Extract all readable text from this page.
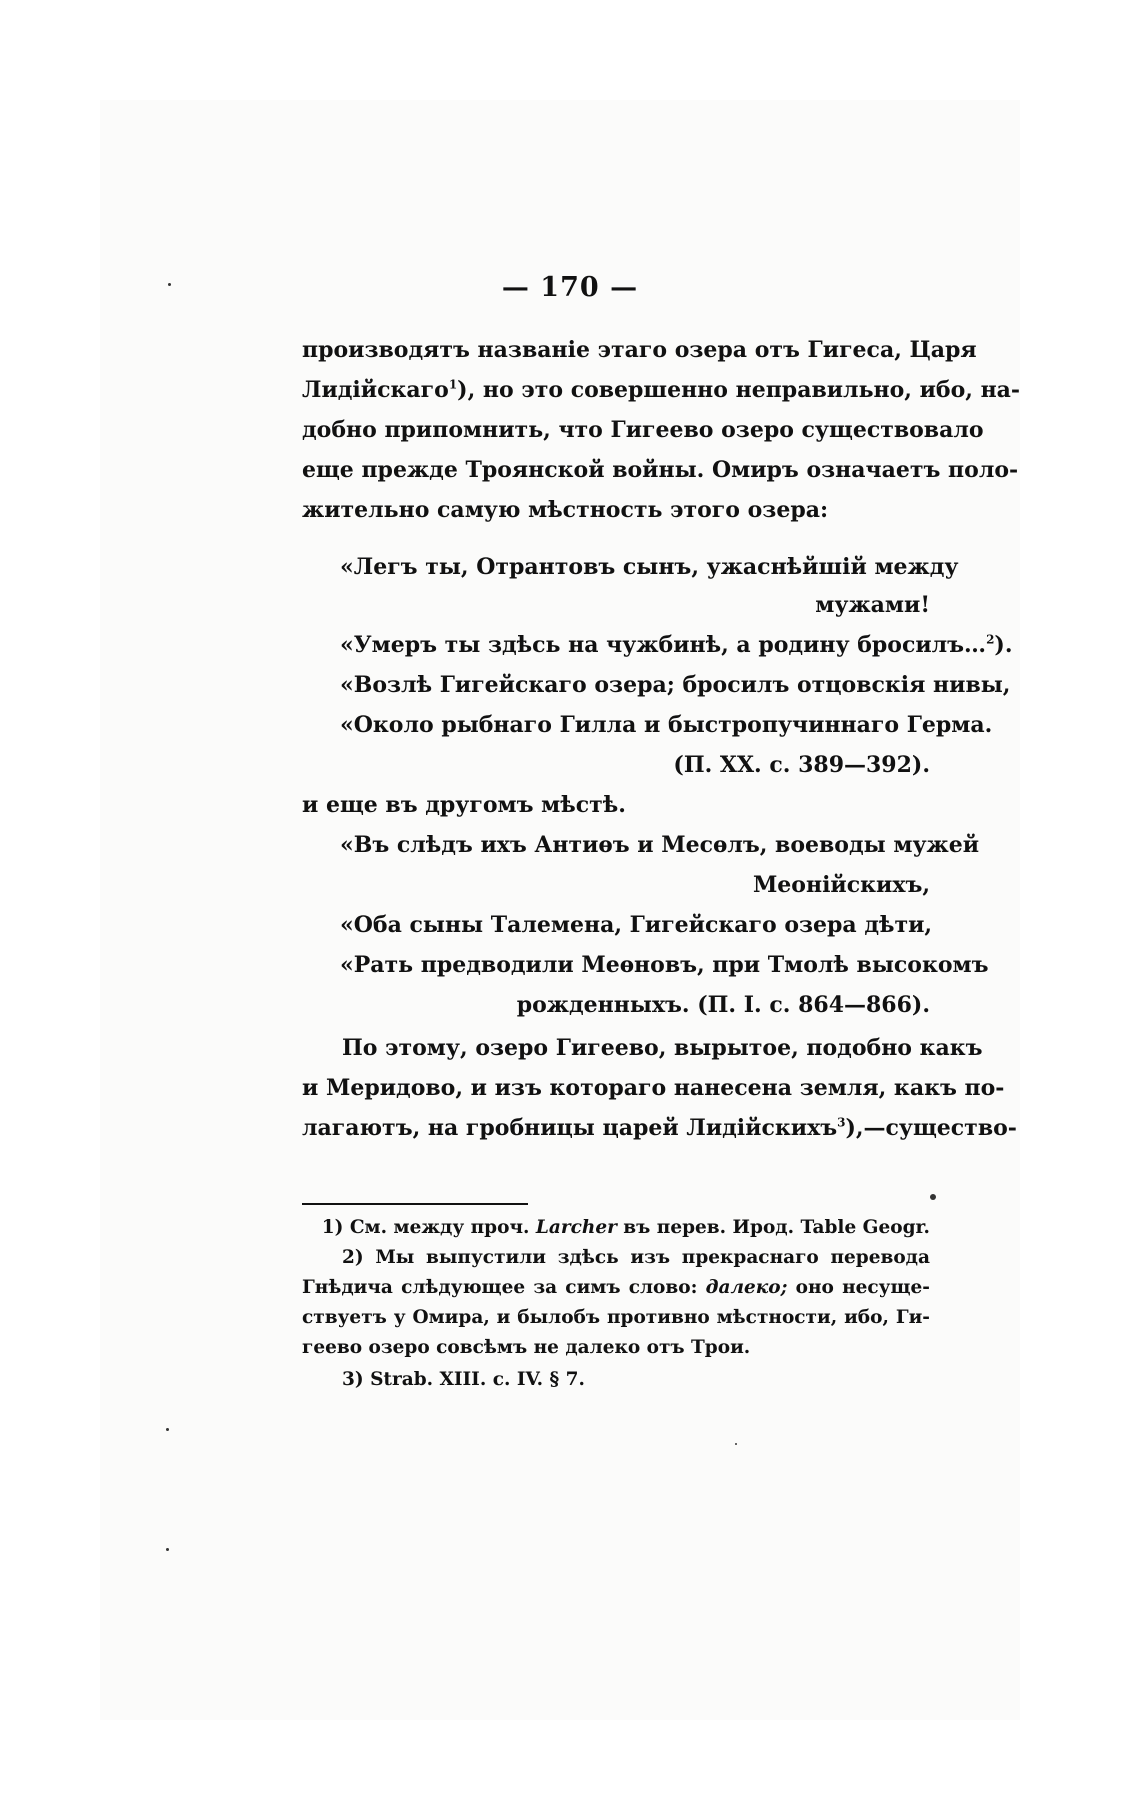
— 170 —
производятъ названіе этаго озера отъ Гигеса, Царя
Лидійскаго$^1$), но это совершенно неправильно, ибо, на-
добно припомнить, что Гигеево озеро существовало
еще прежде Троянской войны. Омиръ означаетъ поло-
жительно самую мѣстность этого озера:
«Легъ ты, Отрантовъ сынъ, ужаснѣйшій между
мужами!
«Умеръ ты здѣсь на чужбинѣ, а родину бросилъ…$^2$).
«Возлѣ Гигейскаго озера; бросилъ отцовскія нивы,
«Около рыбнаго Гилла и быстропучиннаго Герма.
(П. XX. с. 389—392).
и еще въ другомъ мѣстѣ.
«Въ слѣдъ ихъ Антиѳъ и Месѳлъ, воеводы мужей
Меонійскихъ,
«Оба сыны Талемена, Гигейскаго озера дѣти,
«Рать предводили Меѳновъ, при Тмолѣ высокомъ
рожденныхъ. (П. I. с. 864—866).
По этому, озеро Гигеево, вырытое, подобно какъ
и Меридово, и изъ котораго нанесена земля, какъ по-
лагаютъ, на гробницы царей Лидійскихъ$^3$),—существо-
1) См. между проч. Larcher въ перев. Ирод. Table Geogr.
2) Мы выпустили здѣсь изъ прекраснаго перевода
Гнѣдича слѣдующее за симъ слово: далеко; оно несуще-
ствуетъ у Омира, и былобъ противно мѣстности, ибо, Ги-
геево озеро совсѣмъ не далеко отъ Трои.
3) Strab. XIII. с. IV. § 7.
